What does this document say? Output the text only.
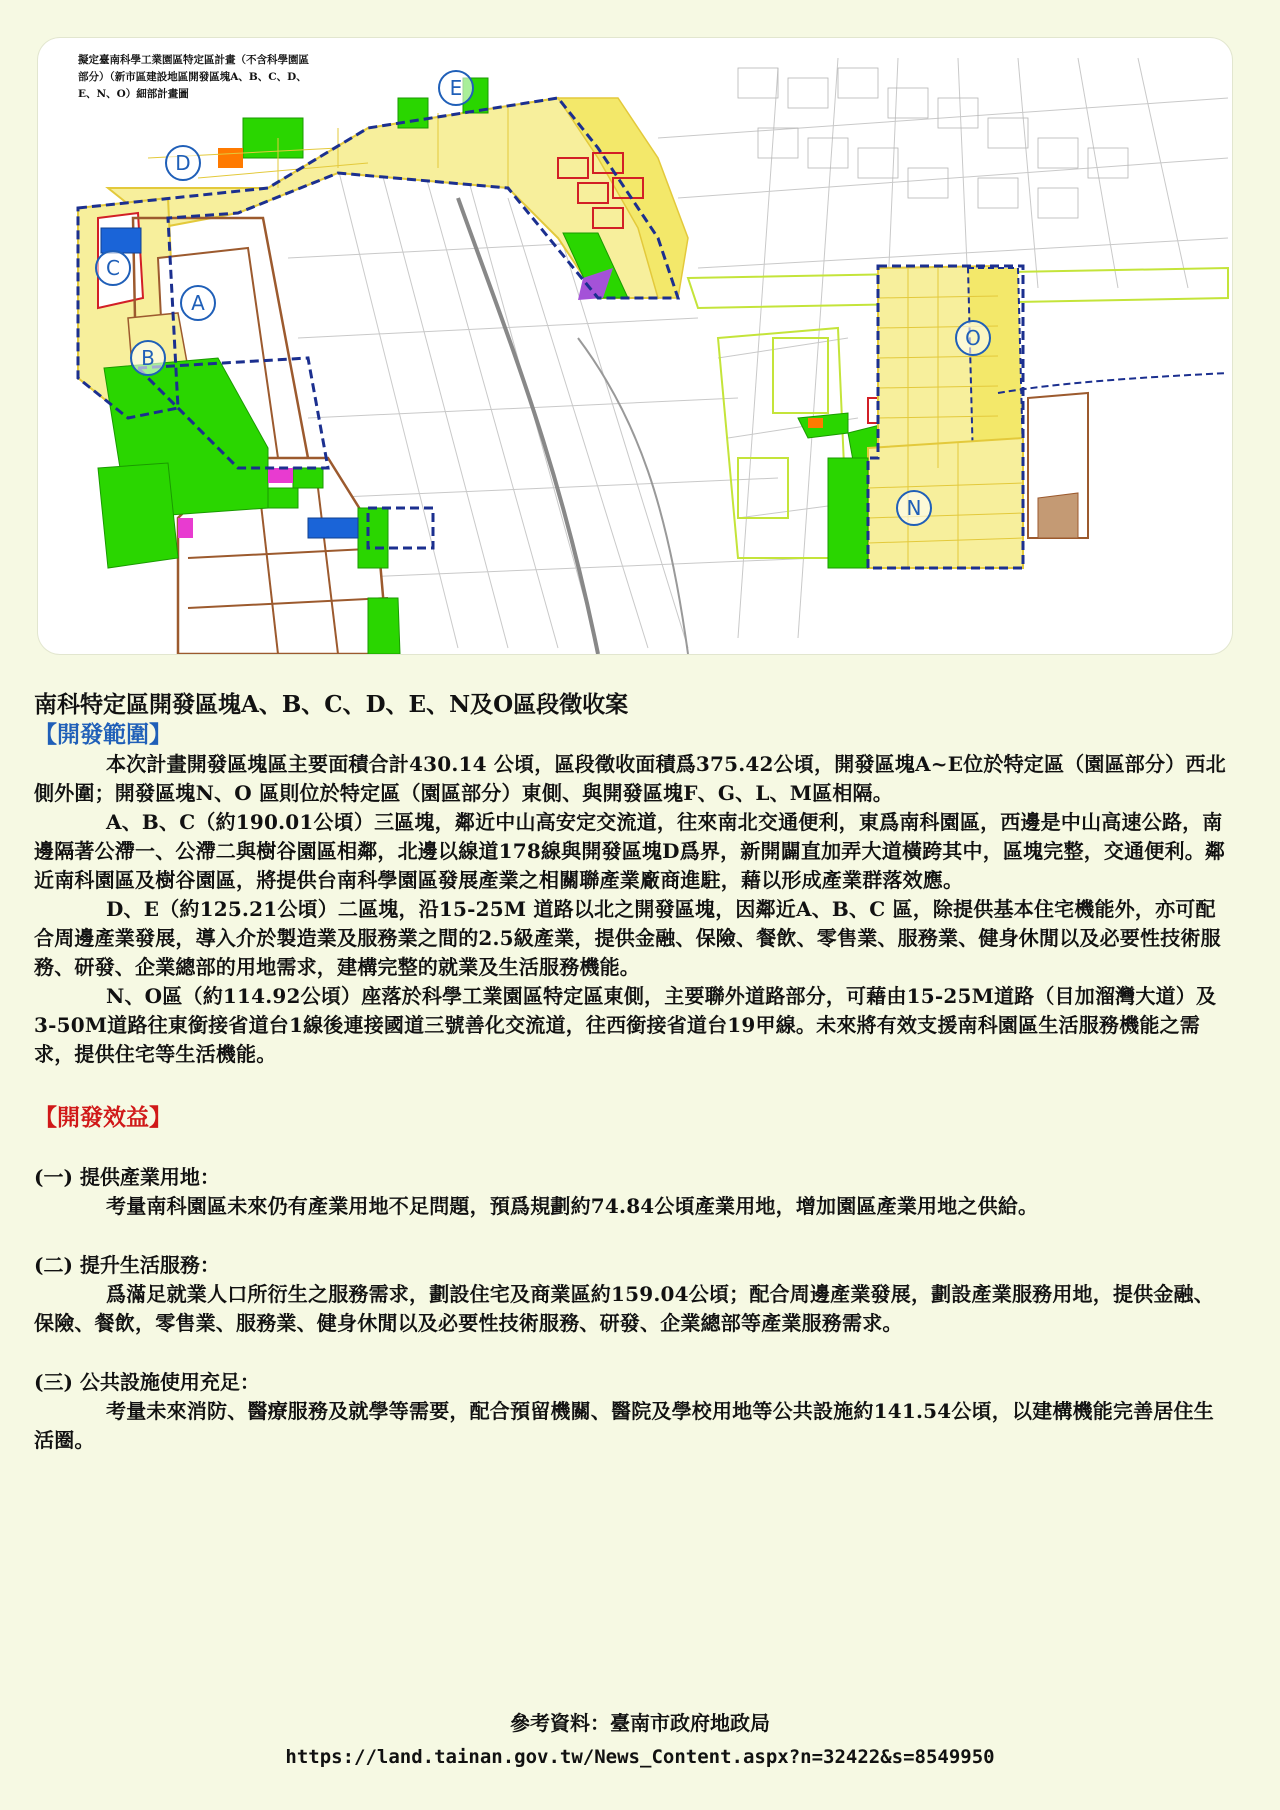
A
B
C
D
E
N
O
擬定臺南科學工業園區特定區計畫（不含科學園區部分）（新市區建設地區開發區塊A、B、C、D、E、N、O）細部計畫圖
南科特定區開發區塊A、B、C、D、E、N及O區段徵收案
【開發範圍】

本次計畫開發區塊區主要面積合計430.14 公頃，區段徵收面積爲375.42公頃，開發區塊A~E位於特定區（園區部分）西北側外圍；開發區塊N、O 區則位於特定區（園區部分）東側、與開發區塊F、G、L、M區相隔。

A、B、C（約190.01公頃）三區塊，鄰近中山高安定交流道，往來南北交通便利，東爲南科園區，西邊是中山高速公路，南邊隔著公滯一、公滯二與樹谷園區相鄰，北邊以線道178線與開發區塊D爲界，新開闢直加弄大道橫跨其中，區塊完整，交通便利。鄰近南科園區及樹谷園區，將提供台南科學園區發展產業之相關聯產業廠商進駐，藉以形成產業群落效應。

D、E（約125.21公頃）二區塊，沿15-25M 道路以北之開發區塊，因鄰近A、B、C 區，除提供基本住宅機能外，亦可配合周邊產業發展，導入介於製造業及服務業之間的2.5級產業，提供金融、保險、餐飲、零售業、服務業、健身休閒以及必要性技術服務、研發、企業總部的用地需求，建構完整的就業及生活服務機能。

N、O區（約114.92公頃）座落於科學工業園區特定區東側，主要聯外道路部分，可藉由15-25M道路（目加溜灣大道）及3-50M道路往東銜接省道台1線後連接國道三號善化交流道，往西銜接省道台19甲線。未來將有效支援南科園區生活服務機能之需求，提供住宅等生活機能。

【開發效益】

(一) 提供產業用地：

考量南科園區未來仍有產業用地不足問題，預爲規劃約74.84公頃產業用地，增加園區產業用地之供給。

(二) 提升生活服務：

爲滿足就業人口所衍生之服務需求，劃設住宅及商業區約159.04公頃；配合周邊產業發展，劃設產業服務用地，提供金融、保險、餐飲，零售業、服務業、健身休閒以及必要性技術服務、研發、企業總部等產業服務需求。

(三) 公共設施使用充足：

考量未來消防、醫療服務及就學等需要，配合預留機關、醫院及學校用地等公共設施約141.54公頃，以建構機能完善居住生活圈。

參考資料：臺南市政府地政局
https://land.tainan.gov.tw/News_Content.aspx?n=32422&s=8549950
